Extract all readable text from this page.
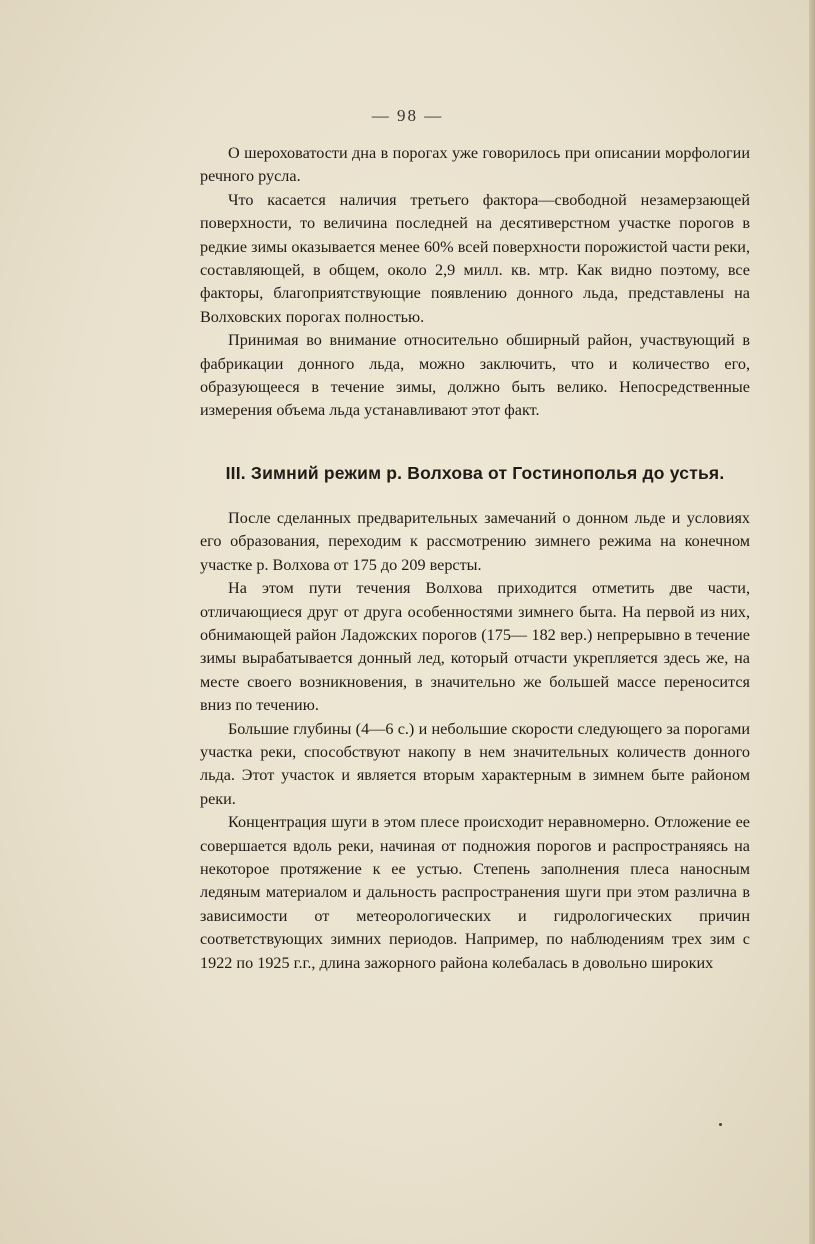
— 98 —

О шероховатости дна в порогах уже говорилось при описании морфологии речного русла.

Что касается наличия третьего фактора—свободной незамерзающей поверхности, то величина последней на десятиверстном участке порогов в редкие зимы оказывается менее 60% всей поверхности порожистой части реки, составляющей, в общем, около 2,9 милл. кв. мтр. Как видно поэтому, все факторы, благоприятствующие появлению донного льда, представлены на Волховских порогах полностью.

Принимая во внимание относительно обширный район, участвующий в фабрикации донного льда, можно заключить, что и количество его, образующееся в течение зимы, должно быть велико. Непосредственные измерения объема льда устанавливают этот факт.

III. Зимний режим р. Волхова от Гостинополья до устья.

После сделанных предварительных замечаний о донном льде и условиях его образования, переходим к рассмотрению зимнего режима на конечном участке р. Волхова от 175 до 209 версты.

На этом пути течения Волхова приходится отметить две части, отличающиеся друг от друга особенностями зимнего быта. На первой из них, обнимающей район Ладожских порогов (175— 182 вер.) непрерывно в течение зимы вырабатывается донный лед, который отчасти укрепляется здесь же, на месте своего возникновения, в значительно же большей массе переносится вниз по течению.

Большие глубины (4—6 с.) и небольшие скорости следующего за порогами участка реки, способствуют накопу в нем значительных количеств донного льда. Этот участок и является вторым характерным в зимнем быте районом реки.

Концентрация шуги в этом плесе происходит неравномерно. Отложение ее совершается вдоль реки, начиная от подножия порогов и распространяясь на некоторое протяжение к ее устью. Степень заполнения плеса наносным ледяным материалом и дальность распространения шуги при этом различна в зависимости от метеорологических и гидрологических причин соответствующих зимних периодов. Например, по наблюдениям трех зим с 1922 по 1925 г.г., длина зажорного района колебалась в довольно широких
